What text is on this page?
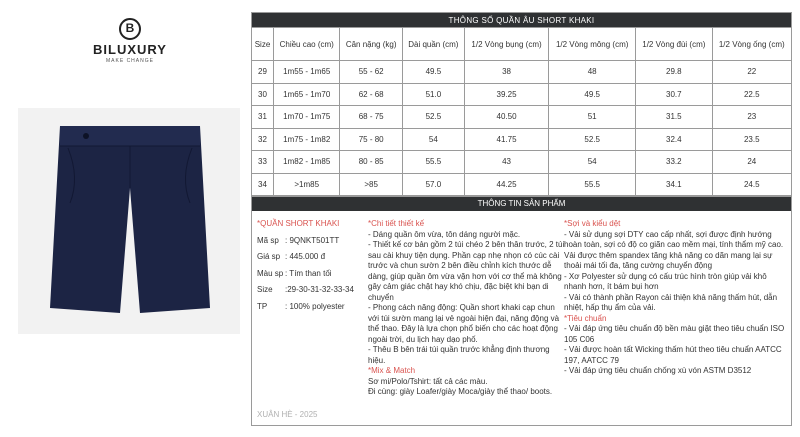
B
BILUXURY
MAKE CHANGE
THÔNG SỐ QUẦN ÂU SHORT KHAKI							
Size	Chiều cao (cm)	Cân nặng (kg)	Dài quần (cm)	1/2 Vòng bụng (cm)	1/2 Vòng mông (cm)	1/2 Vòng đùi (cm)	1/2 Vòng ống (cm)
29	1m55 - 1m65	55 - 62	49.5	38	48	29.8	22
30	1m65 - 1m70	62 - 68	51.0	39.25	49.5	30.7	22.5
31	1m70 - 1m75	68 - 75	52.5	40.50	51	31.5	23
32	1m75 - 1m82	75 - 80	54	41.75	52.5	32.4	23.5
33	1m82 - 1m85	80 - 85	55.5	43	54	33.2	24
34	>1m85	>85	57.0	44.25	55.5	34.1	24.5
THÔNG TIN SẢN PHẨM
*QUẦN SHORT KHAKI
Mã sp : 9QNKT501TT
Giá sp : 445.000 đ
Màu sp : Tím than tối
Size	:29-30-31-32-33-34
TP	: 100% polyester
XUÂN HÈ - 2025
*Chi tiết thiết kế

- Dáng quần ôm vừa, tôn dáng người mặc.

- Thiết kế cơ bản gồm 2 túi chéo 2 bên thân trước, 2 túi sau cài khuy tiện dụng. Phần cạp nhẹ nhọn có cúc cài trước và chun sườn 2 bên điều chỉnh kích thước dễ dàng, giúp quần ôm vừa vặn hơn với cơ thể mà không gây cảm giác chật hay khó chịu, đặc biệt khi bạn di chuyển

- Phong cách năng động: Quần short khaki cạp chun với túi sườn mang lại vẻ ngoài hiện đại, năng động và thể thao. Đây là lựa chọn phổ biến cho các hoạt động ngoài trời, du lịch hay dạo phố.

- Thêu B bên trái túi quần trước khẳng định thương hiệu.

*Mix & Match

Sơ mi/Polo/Tshirt: tất cả các màu.

Đi cùng: giày Loafer/giày Moca/giày thể thao/ boots.

*Sợi và kiểu dệt

- Vải sử dụng sợi DTY cao cấp nhất, sợi được định hướng hoàn toàn, sợi có độ co giãn cao mềm mại, tính thẩm mỹ cao. Vải được thêm spandex tăng khả năng co dãn mang lại sự thoải mái tối đa, tăng cường chuyển động

- Xơ Polyester sử dụng có cấu trúc hình tròn giúp vải khô nhanh hơn, ít bám bụi hơn

- Vải có thành phần Rayon cải thiện khả năng thấm hút, dẫn nhiệt, hấp thụ ẩm của vải.

*Tiêu chuẩn

- Vải đáp ứng tiêu chuẩn độ bền màu giặt theo tiêu chuẩn ISO 105 C06

- Vải được hoàn tất Wicking thấm hút theo tiêu chuẩn AATCC 197, AATCC 79

- Vải đáp ứng tiêu chuẩn chống xù vón ASTM D3512
